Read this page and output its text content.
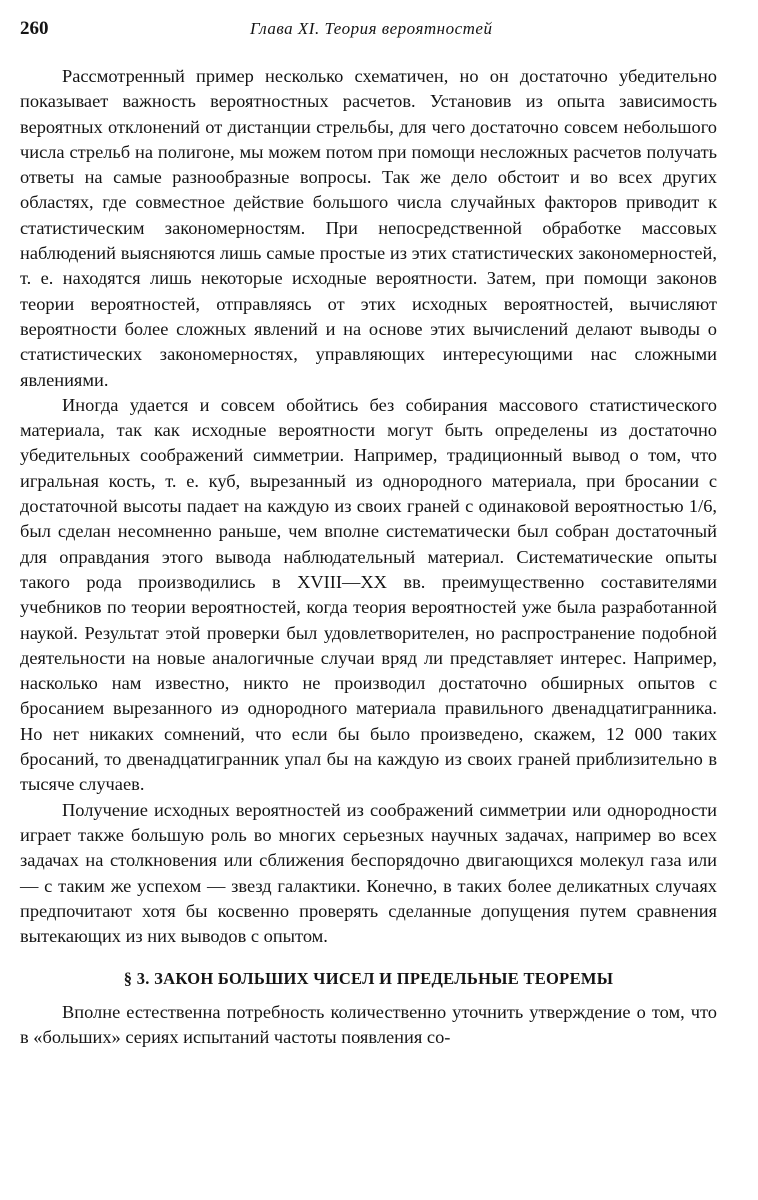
260	Глава XI. Теория вероятностей

Рассмотренный пример несколько схематичен, но он достаточно убедительно показывает важность вероятностных расчетов. Установив из опыта зависимость вероятных отклонений от дистанции стрельбы, для чего достаточно совсем небольшого числа стрельб на полигоне, мы можем потом при помощи несложных расчетов получать ответы на самые разнообразные вопросы. Так же дело обстоит и во всех других областях, где совместное действие большого числа случайных факторов приводит к статистическим закономерностям. При непосредственной обработке массовых наблюдений выясняются лишь самые простые из этих статистических закономерностей, т. е. находятся лишь некоторые исходные вероятности. Затем, при помощи законов теории вероятностей, отправляясь от этих исходных вероятностей, вычисляют вероятности более сложных явлений и на основе этих вычислений делают выводы о статистических закономерностях, управляющих интересующими нас сложными явлениями.

Иногда удается и совсем обойтись без собирания массового статистического материала, так как исходные вероятности могут быть определены из достаточно убедительных соображений симметрии. Например, традиционный вывод о том, что игральная кость, т. е. куб, вырезанный из однородного материала, при бросании с достаточной высоты падает на каждую из своих граней с одинаковой вероятностью 1/6, был сделан несомненно раньше, чем вполне систематически был собран достаточный для оправдания этого вывода наблюдательный материал. Систематические опыты такого рода производились в XVIII—XX вв. преимущественно составителями учебников по теории вероятностей, когда теория вероятностей уже была разработанной наукой. Результат этой проверки был удовлетворителен, но распространение подобной деятельности на новые аналогичные случаи вряд ли представляет интерес. Например, насколько нам известно, никто не производил достаточно обширных опытов с бросанием вырезанного иэ однородного материала правильного двенадцатигранника. Но нет никаких сомнений, что если бы было произведено, скажем, 12 000 таких бросаний, то двенадцатигранник упал бы на каждую из своих граней приблизительно в тысяче случаев.

Получение исходных вероятностей из соображений симметрии или однородности играет также большую роль во многих серьезных научных задачах, например во всех задачах на столкновения или сближения беспорядочно двигающихся молекул газа или — с таким же успехом — звезд галактики. Конечно, в таких более деликатных случаях предпочитают хотя бы косвенно проверять сделанные допущения путем сравнения вытекающих из них выводов с опытом.

§ 3. ЗАКОН БОЛЬШИХ ЧИСЕЛ И ПРЕДЕЛЬНЫЕ ТЕОРЕМЫ

Вполне естественна потребность количественно уточнить утверждение о том, что в «больших» сериях испытаний частоты появления со-
